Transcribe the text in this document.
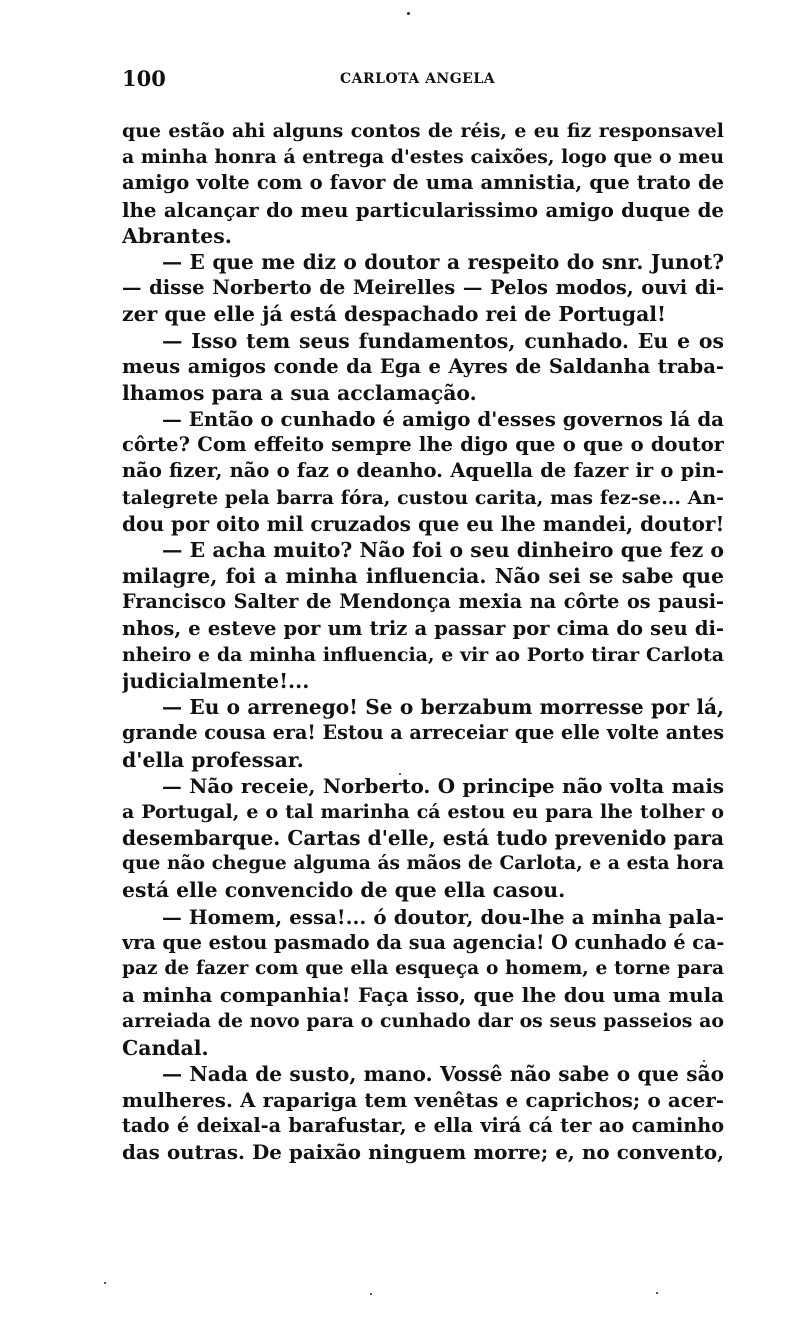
100	CARLOTA ANGELA
que estão ahi alguns contos de réis, e eu fiz responsavel
a minha honra á entrega d'estes caixões, logo que o meu
amigo volte com o favor de uma amnistia, que trato de
lhe alcançar do meu particularissimo amigo duque de
Abrantes.
— E que me diz o doutor a respeito do snr. Junot?
— disse Norberto de Meirelles — Pelos modos, ouvi di-
zer que elle já está despachado rei de Portugal!
— Isso tem seus fundamentos, cunhado. Eu e os
meus amigos conde da Ega e Ayres de Saldanha traba-
lhamos para a sua acclamação.
— Então o cunhado é amigo d'esses governos lá da
côrte? Com effeito sempre lhe digo que o que o doutor
não fizer, não o faz o deanho. Aquella de fazer ir o pin-
talegrete pela barra fóra, custou carita, mas fez-se... An-
dou por oito mil cruzados que eu lhe mandei, doutor!
— E acha muito? Não foi o seu dinheiro que fez o
milagre, foi a minha influencia. Não sei se sabe que
Francisco Salter de Mendonça mexia na côrte os pausi-
nhos, e esteve por um triz a passar por cima do seu di-
nheiro e da minha influencia, e vir ao Porto tirar Carlota
judicialmente!...
— Eu o arrenego! Se o berzabum morresse por lá,
grande cousa era! Estou a arreceiar que elle volte antes
d'ella professar.
— Não receie, Norberto. O principe não volta mais
a Portugal, e o tal marinha cá estou eu para lhe tolher o
desembarque. Cartas d'elle, está tudo prevenido para
que não chegue alguma ás mãos de Carlota, e a esta hora
está elle convencido de que ella casou.
— Homem, essa!... ó doutor, dou-lhe a minha pala-
vra que estou pasmado da sua agencia! O cunhado é ca-
paz de fazer com que ella esqueça o homem, e torne para
a minha companhia! Faça isso, que lhe dou uma mula
arreiada de novo para o cunhado dar os seus passeios ao
Candal.
— Nada de susto, mano. Vossê não sabe o que são
mulheres. A rapariga tem venêtas e caprichos; o acer-
tado é deixal-a barafustar, e ella virá cá ter ao caminho
das outras. De paixão ninguem morre; e, no convento,
